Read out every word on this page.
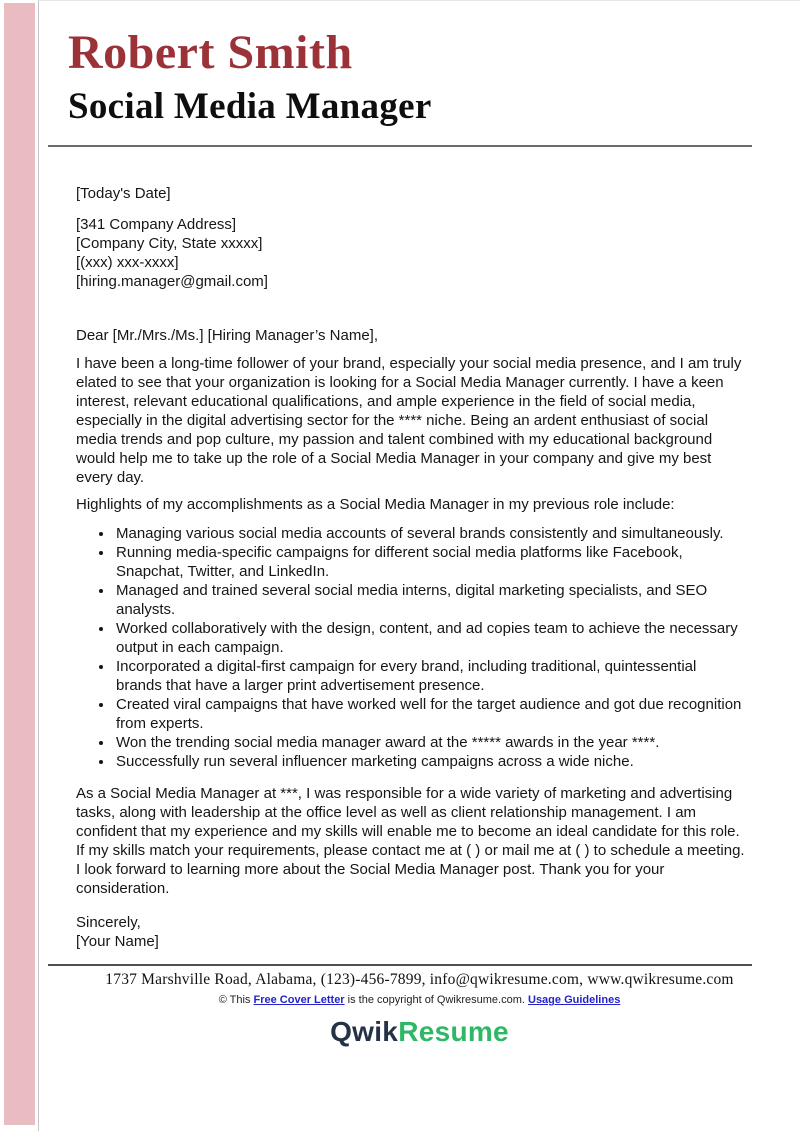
Robert Smith
Social Media Manager
[Today's Date]
[341 Company Address]
[Company City, State xxxxx]
[(xxx) xxx-xxxx]
[hiring.manager@gmail.com]
Dear [Mr./Mrs./Ms.] [Hiring Manager’s Name],
I have been a long-time follower of your brand, especially your social media presence, and I am truly elated to see that your organization is looking for a Social Media Manager currently. I have a keen interest, relevant educational qualifications, and ample experience in the field of social media, especially in the digital advertising sector for the **** niche. Being an ardent enthusiast of social media trends and pop culture, my passion and talent combined with my educational background would help me to take up the role of a Social Media Manager in your company and give my best every day.
Highlights of my accomplishments as a Social Media Manager in my previous role include:
• Managing various social media accounts of several brands consistently and simultaneously.
• Running media-specific campaigns for different social media platforms like Facebook, Snapchat, Twitter, and LinkedIn.
• Managed and trained several social media interns, digital marketing specialists, and SEO analysts.
• Worked collaboratively with the design, content, and ad copies team to achieve the necessary output in each campaign.
• Incorporated a digital-first campaign for every brand, including traditional, quintessential brands that have a larger print advertisement presence.
• Created viral campaigns that have worked well for the target audience and got due recognition from experts.
• Won the trending social media manager award at the ***** awards in the year ****.
• Successfully run several influencer marketing campaigns across a wide niche.
As a Social Media Manager at ***, I was responsible for a wide variety of marketing and advertising tasks, along with leadership at the office level as well as client relationship management. I am confident that my experience and my skills will enable me to become an ideal candidate for this role. If my skills match your requirements, please contact me at ( ) or mail me at ( ) to schedule a meeting. I look forward to learning more about the Social Media Manager post. Thank you for your consideration.
Sincerely,
[Your Name]
1737 Marshville Road, Alabama, (123)-456-7899, info@qwikresume.com, www.qwikresume.com
© This Free Cover Letter is the copyright of Qwikresume.com. Usage Guidelines
QwikResume
